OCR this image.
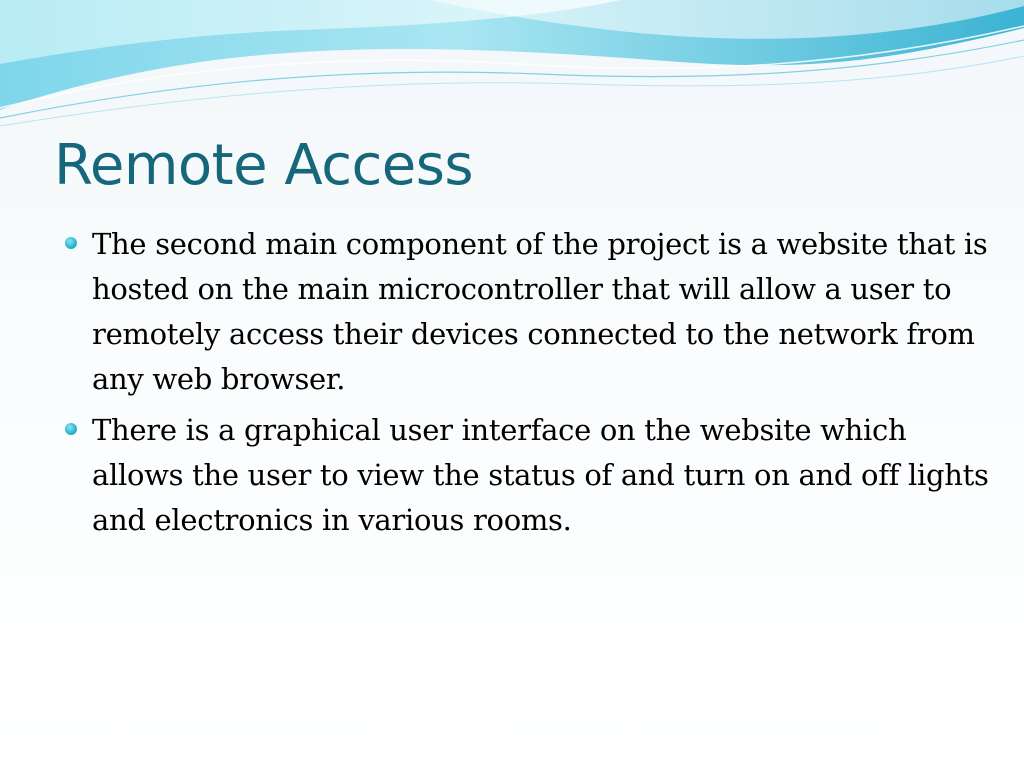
Remote Access
The second main component of the project is a website that is hosted on the main microcontroller that will allow a user to remotely access their devices connected to the network from any web browser.
There is a graphical user interface on the website which allows the user to view the status of and turn on and off lights and electronics in various rooms.
